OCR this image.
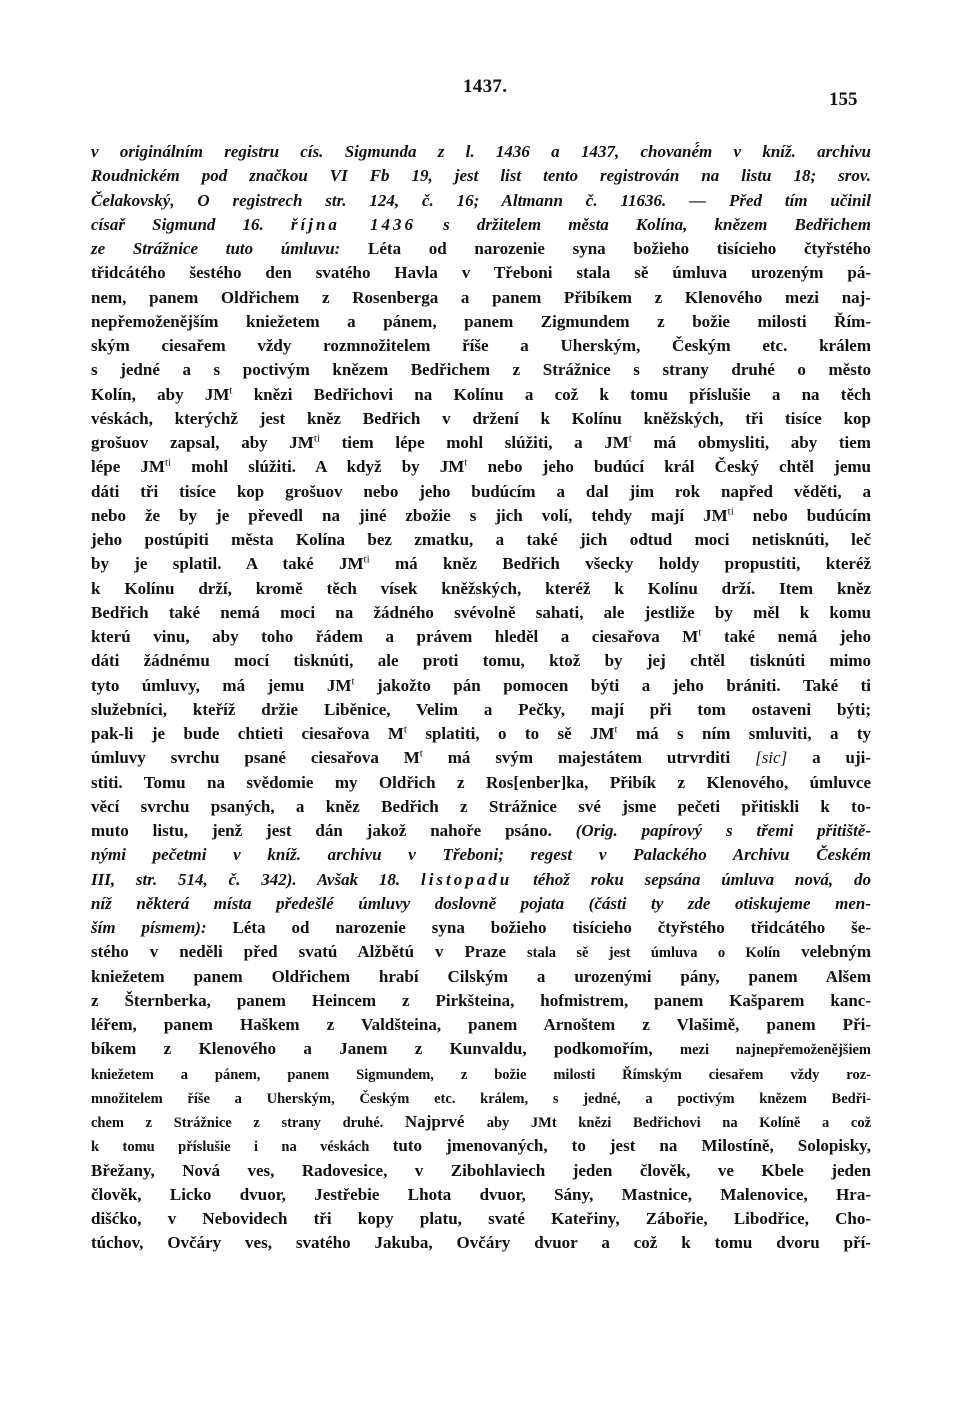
1437.
155
v originálním registru cís. Sigmunda z l. 1436 a 1437, chované́m v kníž. archivu
Roudnickém pod značkou VI Fb 19, jest list tento registrován na listu 18; srov.
Čelakovský, O registrech str. 124, č. 16; Altmann č. 11636. — Před tím učinil
císař Sigmund 16. října 1436 s držitelem města Kolína, knězem Bedřichem
ze Strážnice tuto úmluvu: Léta od narozenie syna božieho tisícieho čtyřstého
třidcátého šestého den svatého Havla v Třeboni stala sě úmluva urozeným pá-
nem, panem Oldřichem z Rosenberga a panem Přibíkem z Klenového mezi naj-
nepřemoženějším kniežetem a pánem, panem Zigmundem z božie milosti Řím-
ským ciesařem vždy rozmnožitelem říše a Uherským, Českým etc. králem
s jedné a s poctivým knězem Bedřichem z Strážnice s strany druhé o město
Kolín, aby $JM^t$ knězi Bedřichovi na Kolínu a což k tomu příslušie a na těch
véskách, kterýchž jest kněz Bedřich v držení k Kolínu kněžských, tři tisíce kop
grošuov zapsal, aby $JM^{ti}$ tiem lépe mohl slúžiti, a $JM^t$ má obmysliti, aby tiem
lépe $JM^{ti}$ mohl slúžiti. A když by $JM^t$ nebo jeho budúcí král Český chtěl jemu
dáti tři tisíce kop grošuov nebo jeho budúcím a dal jim rok napřed věděti, a
nebo že by je převedl na jiné zbožie s jich volí, tehdy mají $JM^{ti}$ nebo budúcím
jeho postúpiti města Kolína bez zmatku, a také jich odtud moci netisknúti, leč
by je splatil. A také $JM^{ti}$ má kněz Bedřich všecky holdy propustiti, kteréž
k Kolínu drží, kromě těch vísek kněžských, kteréž k Kolínu drží. Item kněz
Bedřich také nemá moci na žádného svévolně sahati, ale jestliže by měl k komu
kterú vinu, aby toho řádem a právem hleděl a ciesařova $M^t$ také nemá jeho
dáti žádnému mocí tisknúti, ale proti tomu, ktož by jej chtěl tisknúti mimo
tyto úmluvy, má jemu $JM^t$ jakožto pán pomocen býti a jeho brániti. Také ti
služebníci, kteříž držie Liběnice, Velim a Pečky, mají při tom ostaveni býti;
pak-li je bude chtieti ciesařova $M^t$ splatiti, o to sě $JM^t$ má s ním smluviti, a ty
úmluvy svrchu psané ciesařova $M^t$ má svým majestátem utrvrditi [sic] a uji-
stiti. Tomu na svědomie my Oldřich z Ros[enber]ka, Přibík z Klenového, úmluvce
věcí svrchu psaných, a kněz Bedřich z Strážnice své jsme pečeti přitiskli k to-
muto listu, jenž jest dán jakož nahoře psáno. (Orig. papírový s třemi přitiště-
nými pečetmi v kníž. archivu v Třeboni; regest v Palackého Archivu Českém
III, str. 514, č. 342). Avšak 18. listopadu téhož roku sepsána úmluva nová, do
níž některá místa předešlé úmluvy doslovně pojata (části ty zde otiskujeme men-
ším písmem): Léta od narozenie syna božieho tisícieho čtyřstého třidcátého še-
stého v neděli před svatú Alžbětú v Praze stala sě jest úmluva o Kolín velebným
kniežetem panem Oldřichem hrabí Cilským a urozenými pány, panem Alšem
z Šternberka, panem Heincem z Pirkšteina, hofmistrem, panem Kašparem kanc-
léřem, panem Haškem z Valdšteina, panem Arnoštem z Vlašimě, panem Při-
bíkem z Klenového a Janem z Kunvaldu, podkomořím, mezi najnepřemoženějšiem
kniežetem a pánem, panem Sigmundem, z božie milosti Římským ciesařem vždy roz-
množitelem říše a Uherským, Českým etc. králem, s jedné, a poctivým knězem Bedři-
chem z Strážnice z strany druhé. Najprvé aby JMt knězi Bedřichovi na Kolíně a což
k tomu příslušie i na véskách tuto jmenovaných, to jest na Milostíně, Solopisky,
Břežany, Nová ves, Radovesice, v Zibohlaviech jeden člověk, ve Kbele jeden
člověk, Licko dvuor, Jestřebie Lhota dvuor, Sány, Mastnice, Malenovice, Hra-
dišćko, v Nebovidech tři kopy platu, svaté Kateřiny, Zábořie, Libodřice, Cho-
túchov, Ovčáry ves, svatého Jakuba, Ovčáry dvuor a což k tomu dvoru pří-
